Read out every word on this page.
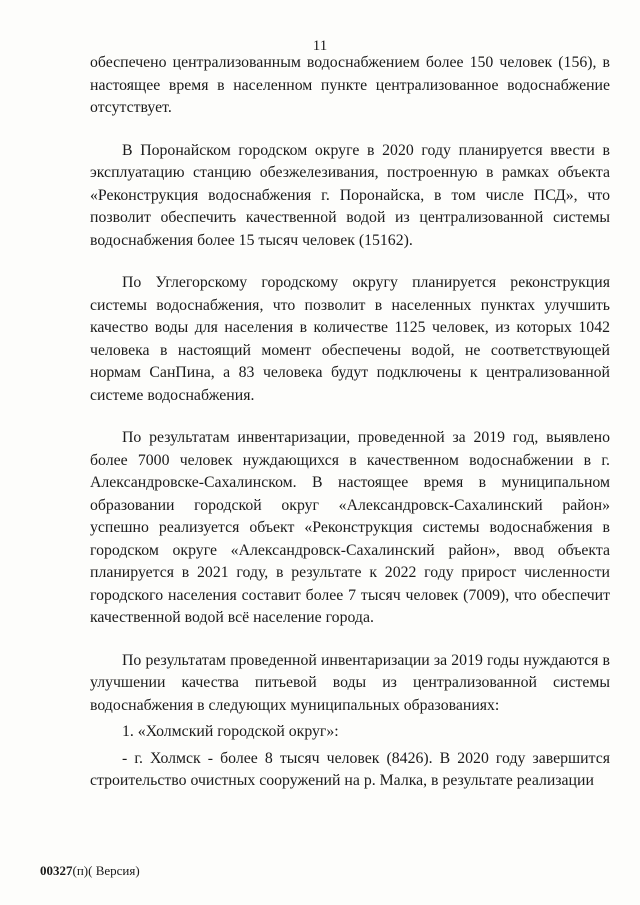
11

обеспечено централизованным водоснабжением более 150 человек (156), в настоящее время в населенном пункте централизованное водоснабжение отсутствует.

В Поронайском городском округе в 2020 году планируется ввести в эксплуатацию станцию обезжелезивания, построенную в рамках объекта «Реконструкция водоснабжения г. Поронайска, в том числе ПСД», что позволит обеспечить качественной водой из централизованной системы водоснабжения более 15 тысяч человек (15162).

По Углегорскому городскому округу планируется реконструкция системы водоснабжения, что позволит в населенных пунктах улучшить качество воды для населения в количестве 1125 человек, из которых 1042 человека в настоящий момент обеспечены водой, не соответствующей нормам СанПина, а 83 человека будут подключены к централизованной системе водоснабжения.

По результатам инвентаризации, проведенной за 2019 год, выявлено более 7000 человек нуждающихся в качественном водоснабжении в г. Александровске-Сахалинском. В настоящее время в муниципальном образовании городской округ «Александровск-Сахалинский район» успешно реализуется объект «Реконструкция системы водоснабжения в городском округе «Александровск-Сахалинский район», ввод объекта планируется в 2021 году, в результате к 2022 году прирост численности городского населения составит более 7 тысяч человек (7009), что обеспечит качественной водой всё население города.

По результатам проведенной инвентаризации за 2019 годы нуждаются в улучшении качества питьевой воды из централизованной системы водоснабжения в следующих муниципальных образованиях:

1. «Холмский городской округ»:

- г. Холмск - более 8 тысяч человек (8426). В 2020 году завершится строительство очистных сооружений на р. Малка, в результате реализации

00327(п)( Версия)
